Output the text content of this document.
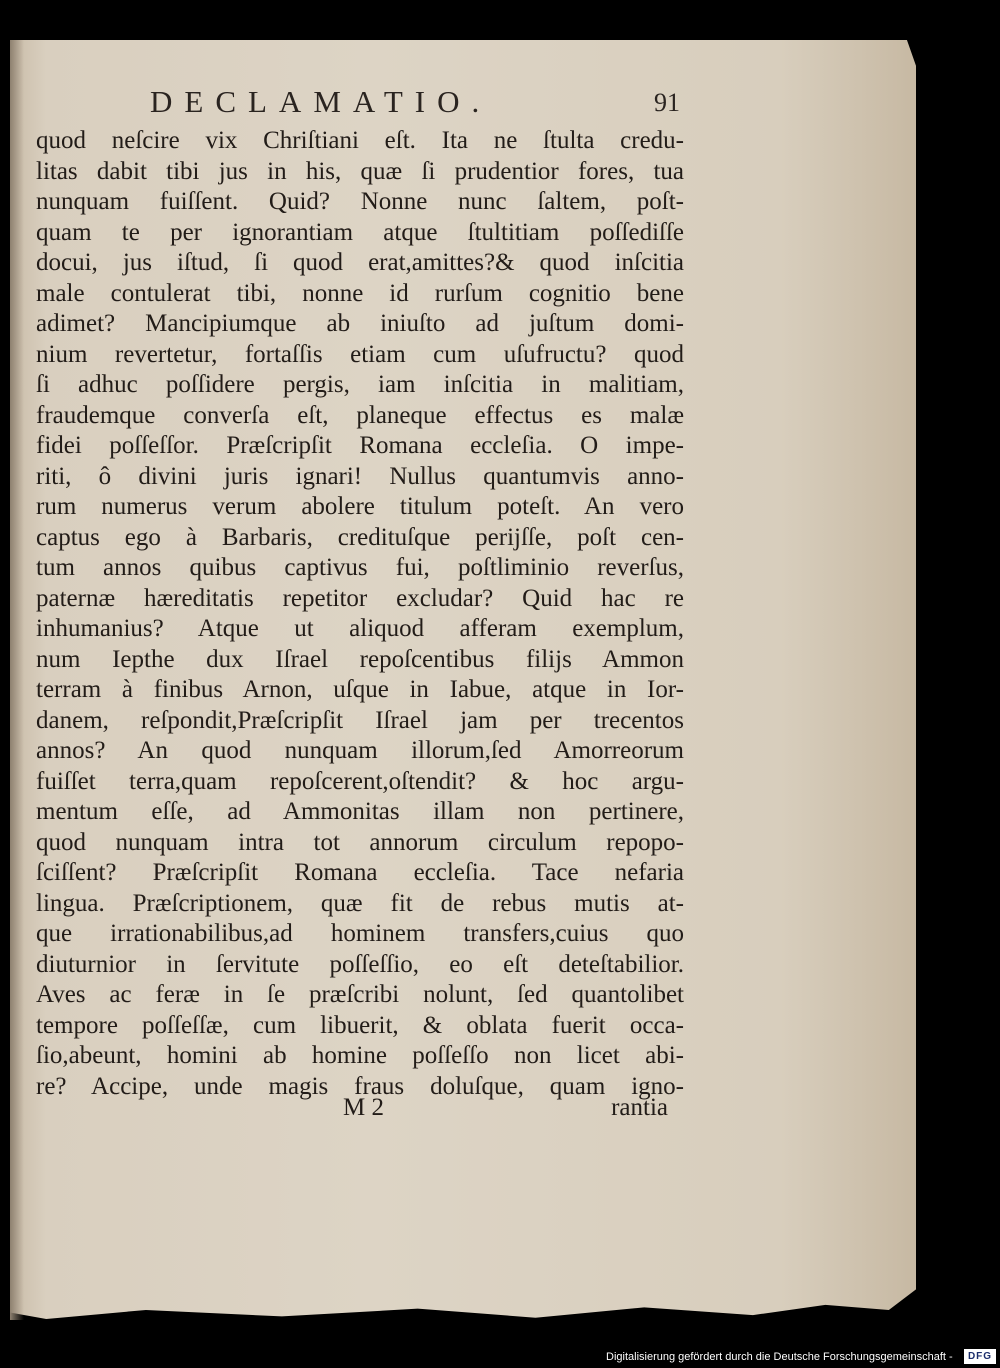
DECLAMATIO.	91
quod neſcire vix Chriſtiani eſt. Ita ne ſtulta credu-
litas dabit tibi jus in his, quæ ſi prudentior fores, tua
nunquam fuiſſent. Quid? Nonne nunc ſaltem, poſt-
quam te per ignorantiam atque ſtultitiam poſſediſſe
docui, jus iſtud, ſi quod erat,amittes?& quod inſcitia
male contulerat tibi, nonne id rurſum cognitio bene
adimet? Mancipiumque ab iniuſto ad juſtum domi-
nium revertetur, fortaſſis etiam cum uſufructu? quod
ſi adhuc poſſidere pergis, iam inſcitia in malitiam,
fraudemque converſa eſt, planeque effectus es malæ
fidei poſſeſſor. Præſcripſit Romana eccleſia. O impe-
riti, ô divini juris ignari! Nullus quantumvis anno-
rum numerus verum abolere titulum poteſt. An vero
captus ego à Barbaris, credituſque perijſſe, poſt cen-
tum annos quibus captivus fui, poſtliminio reverſus,
paternæ hæreditatis repetitor excludar? Quid hac re
inhumanius? Atque ut aliquod afferam exemplum,
num Iepthe dux Iſrael repoſcentibus filijs Ammon
terram à finibus Arnon, uſque in Iabue, atque in Ior-
danem, reſpondit,Præſcripſit Iſrael jam per trecentos
annos? An quod nunquam illorum,ſed Amorreorum
fuiſſet terra,quam repoſcerent,oſtendit? & hoc argu-
mentum eſſe, ad Ammonitas illam non pertinere,
quod nunquam intra tot annorum circulum repopo-
ſciſſent? Præſcripſit Romana eccleſia. Tace nefaria
lingua. Præſcriptionem, quæ fit de rebus mutis at-
que irrationabilibus,ad hominem transfers,cuius quo
diuturnior in ſervitute poſſeſſio, eo eſt deteſtabilior.
Aves ac feræ in ſe præſcribi nolunt, ſed quantolibet
tempore poſſeſſæ, cum libuerit, & oblata fuerit occa-
ſio,abeunt, homini ab homine poſſeſſo non licet abi-
re? Accipe, unde magis fraus doluſque, quam igno-
M 2	rantia
Digitalisierung gefördert durch die Deutsche Forschungsgemeinschaft -	DFG
